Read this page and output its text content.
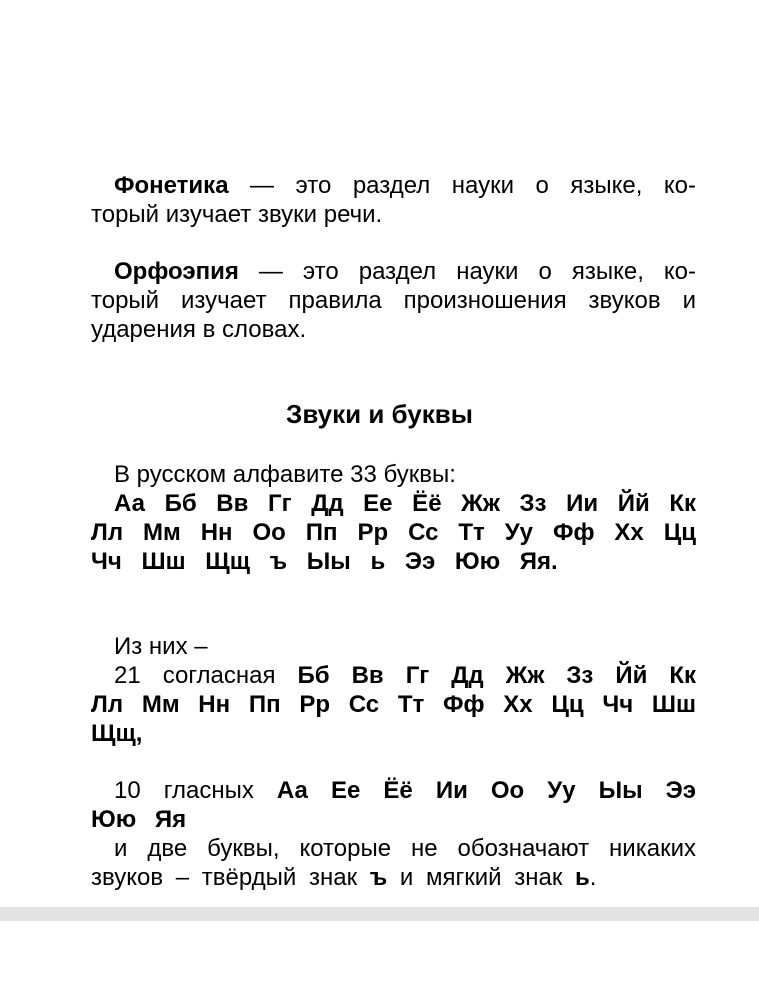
Фонетика — это раздел науки о языке, ко-
торый изучает звуки речи.
Орфоэпия — это раздел науки о языке, ко-
торый изучает правила произношения звуков и
ударения в словах.
Звуки и буквы
В русском алфавите 33 буквы:
Аа Бб Вв Гг Дд Ее Ёё Жж Зз Ии Йй Кк
Лл Мм Нн Оо Пп Рр Сс Тт Уу Фф Хх Цц
Чч Шш Щщ ъ Ыы ь Ээ Юю Яя.
Из них –
21 согласная Бб Вв Гг Дд Жж Зз Йй Кк
Лл Мм Нн Пп Рр Сс Тт Фф Хх Цц Чч Шш
Щщ,
10 гласных Аа Ее Ёё Ии Оо Уу Ыы Ээ
Юю Яя
и две буквы, которые не обозначают никаких
звуков – твёрдый знак ъ и мягкий знак ь.
